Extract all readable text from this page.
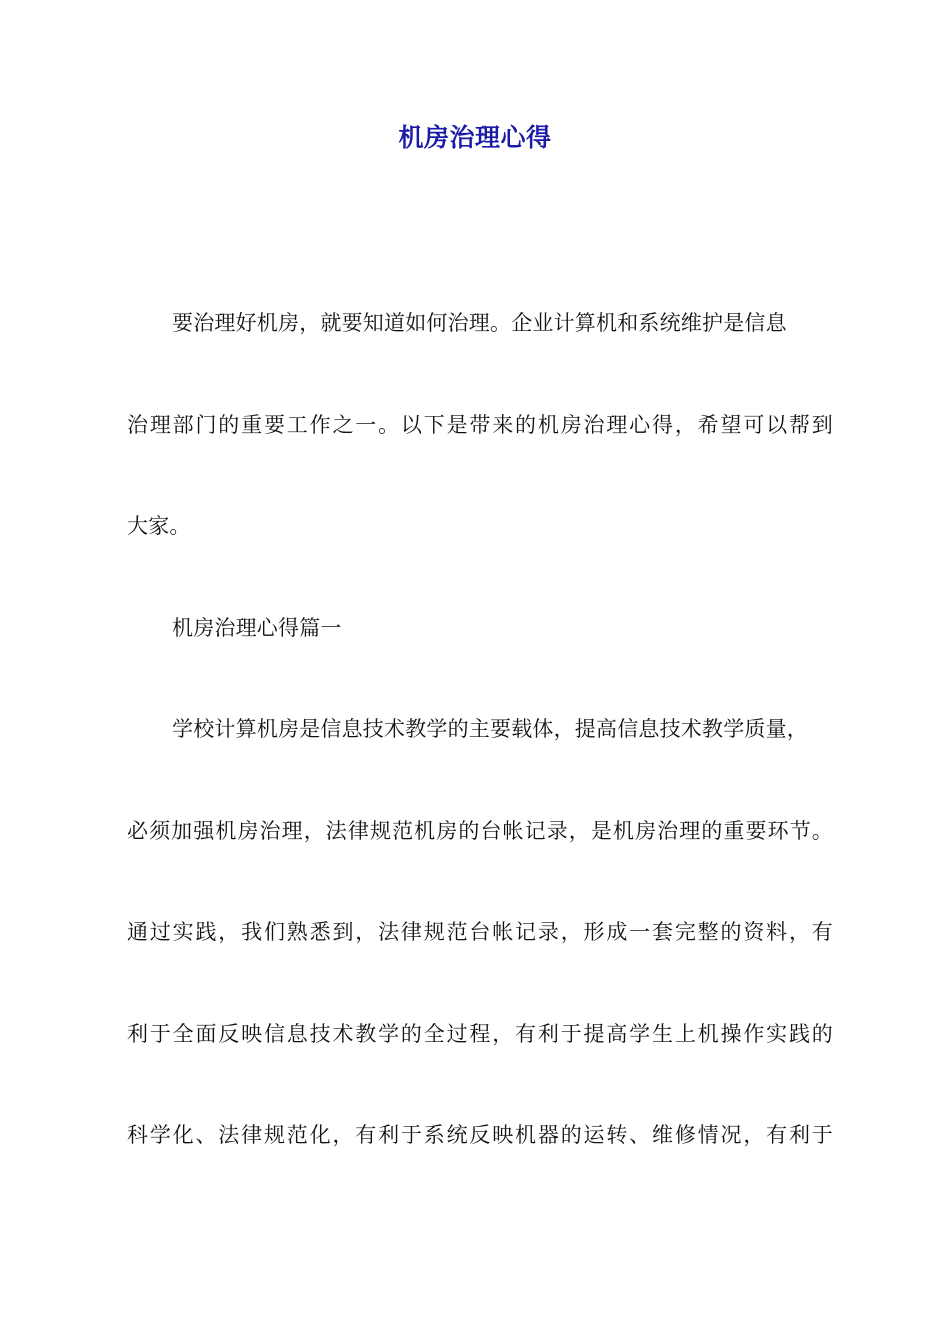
机房治理心得
要治理好机房，就要知道如何治理。企业计算机和系统维护是信息
治理部门的重要工作之一。以下是带来的机房治理心得，希望可以帮到
大家。
机房治理心得篇一
学校计算机房是信息技术教学的主要载体，提高信息技术教学质量，
必须加强机房治理，法律规范机房的台帐记录，是机房治理的重要环节。
通过实践，我们熟悉到，法律规范台帐记录，形成一套完整的资料，有
利于全面反映信息技术教学的全过程，有利于提高学生上机操作实践的
科学化、法律规范化，有利于系统反映机器的运转、维修情况，有利于
